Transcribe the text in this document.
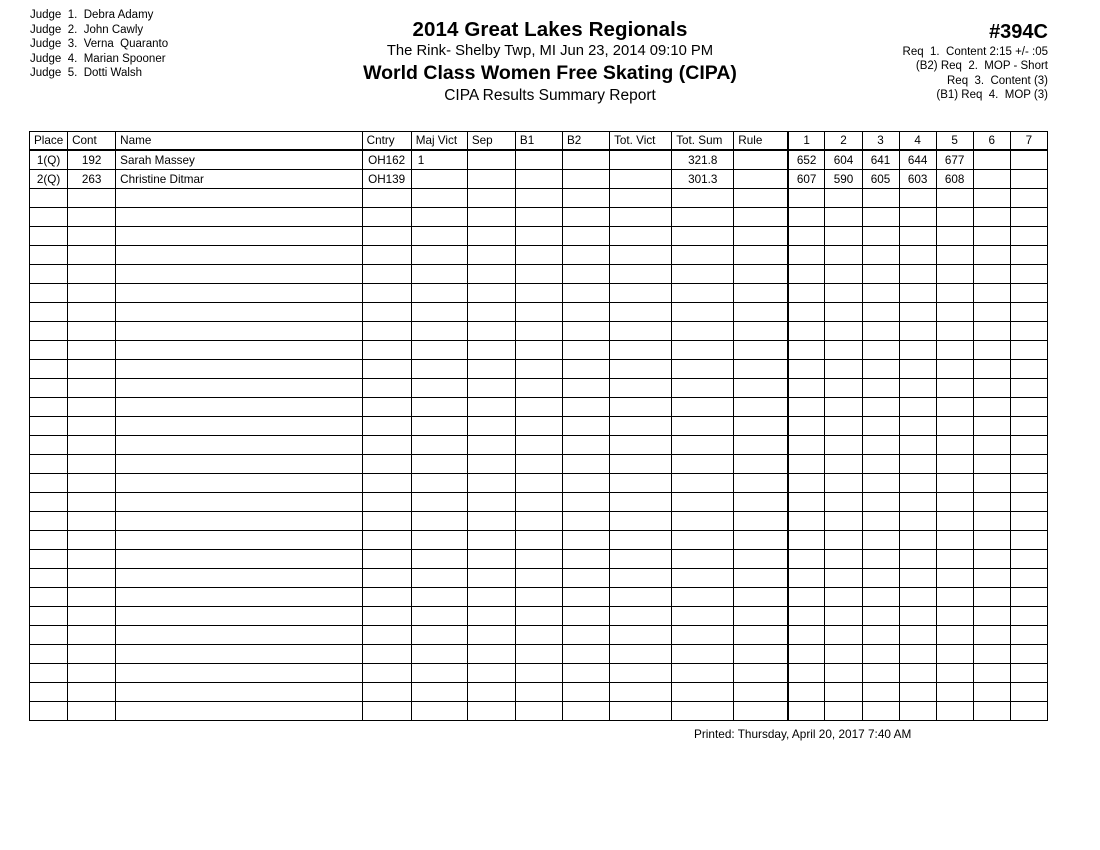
Judge  1.  Debra Adamy
Judge  2.  John Cawly
Judge  3.  Verna  Quaranto
Judge  4.  Marian Spooner
Judge  5.  Dotti Walsh
2014 Great Lakes Regionals
The Rink- Shelby Twp, MI Jun 23, 2014 09:10 PM
World Class Women Free Skating (CIPA)
CIPA Results Summary Report
#394C
Req  1.  Content 2:15 +/- :05
(B2) Req  2.  MOP - Short
Req  3.  Content (3)
(B1) Req  4.  MOP (3)
Place	Cont	Name	Cntry	Maj Vict	Sep	B1	B2	Tot. Vict	Tot. Sum	Rule	1	2	3	4	5	6	7
1(Q)	192	Sarah Massey	OH162	1					321.8		652	604	641	644	677		
2(Q)	263	Christine Ditmar	OH139						301.3		607	590	605	603	608		

Printed: Thursday, April 20, 2017 7:40 AM
